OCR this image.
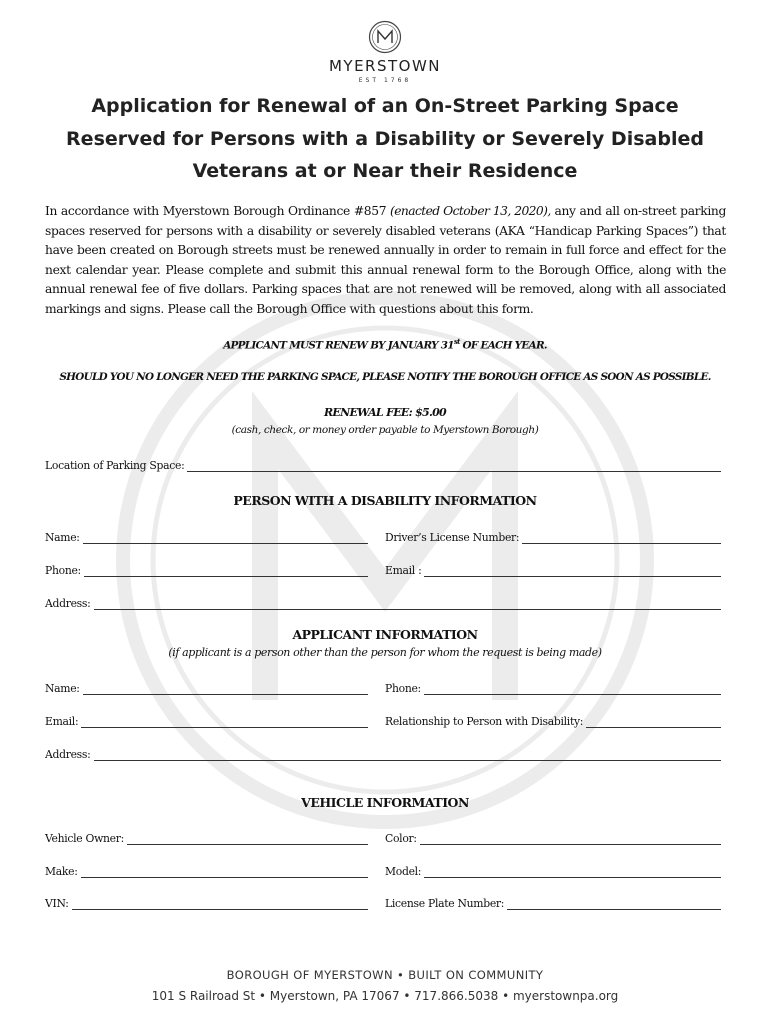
MYERSTOWN
EST 1768
Application for Renewal of an On-Street Parking Space
Reserved for Persons with a Disability or Severely Disabled
Veterans at or Near their Residence

In accordance with Myerstown Borough Ordinance #857 (enacted October 13, 2020), any and all on-street parking spaces reserved for persons with a disability or severely disabled veterans (AKA “Handicap Parking Spaces”) that have been created on Borough streets must be renewed annually in order to remain in full force and effect for the next calendar year. Please complete and submit this annual renewal form to the Borough Office, along with the annual renewal fee of five dollars. Parking spaces that are not renewed will be removed, along with all associated markings and signs. Please call the Borough Office with questions about this form.

APPLICANT MUST RENEW BY JANUARY 31st OF EACH YEAR.

SHOULD YOU NO LONGER NEED THE PARKING SPACE, PLEASE NOTIFY THE BOROUGH OFFICE AS SOON AS POSSIBLE.

RENEWAL FEE: $5.00

(cash, check, or money order payable to Myerstown Borough)

Location of Parking Space:

PERSON WITH A DISABILITY INFORMATION

Name:	Driver’s License Number:
Phone:	Email :
Address:

APPLICANT INFORMATION

(if applicant is a person other than the person for whom the request is being made)

Name:	Phone:
Email:	Relationship to Person with Disability:
Address:

VEHICLE INFORMATION

Vehicle Owner:	Color:
Make:	Model:
VIN:	License Plate Number:

BOROUGH OF MYERSTOWN • BUILT ON COMMUNITY

101 S Railroad St • Myerstown, PA 17067 • 717.866.5038 • myerstownpa.org
